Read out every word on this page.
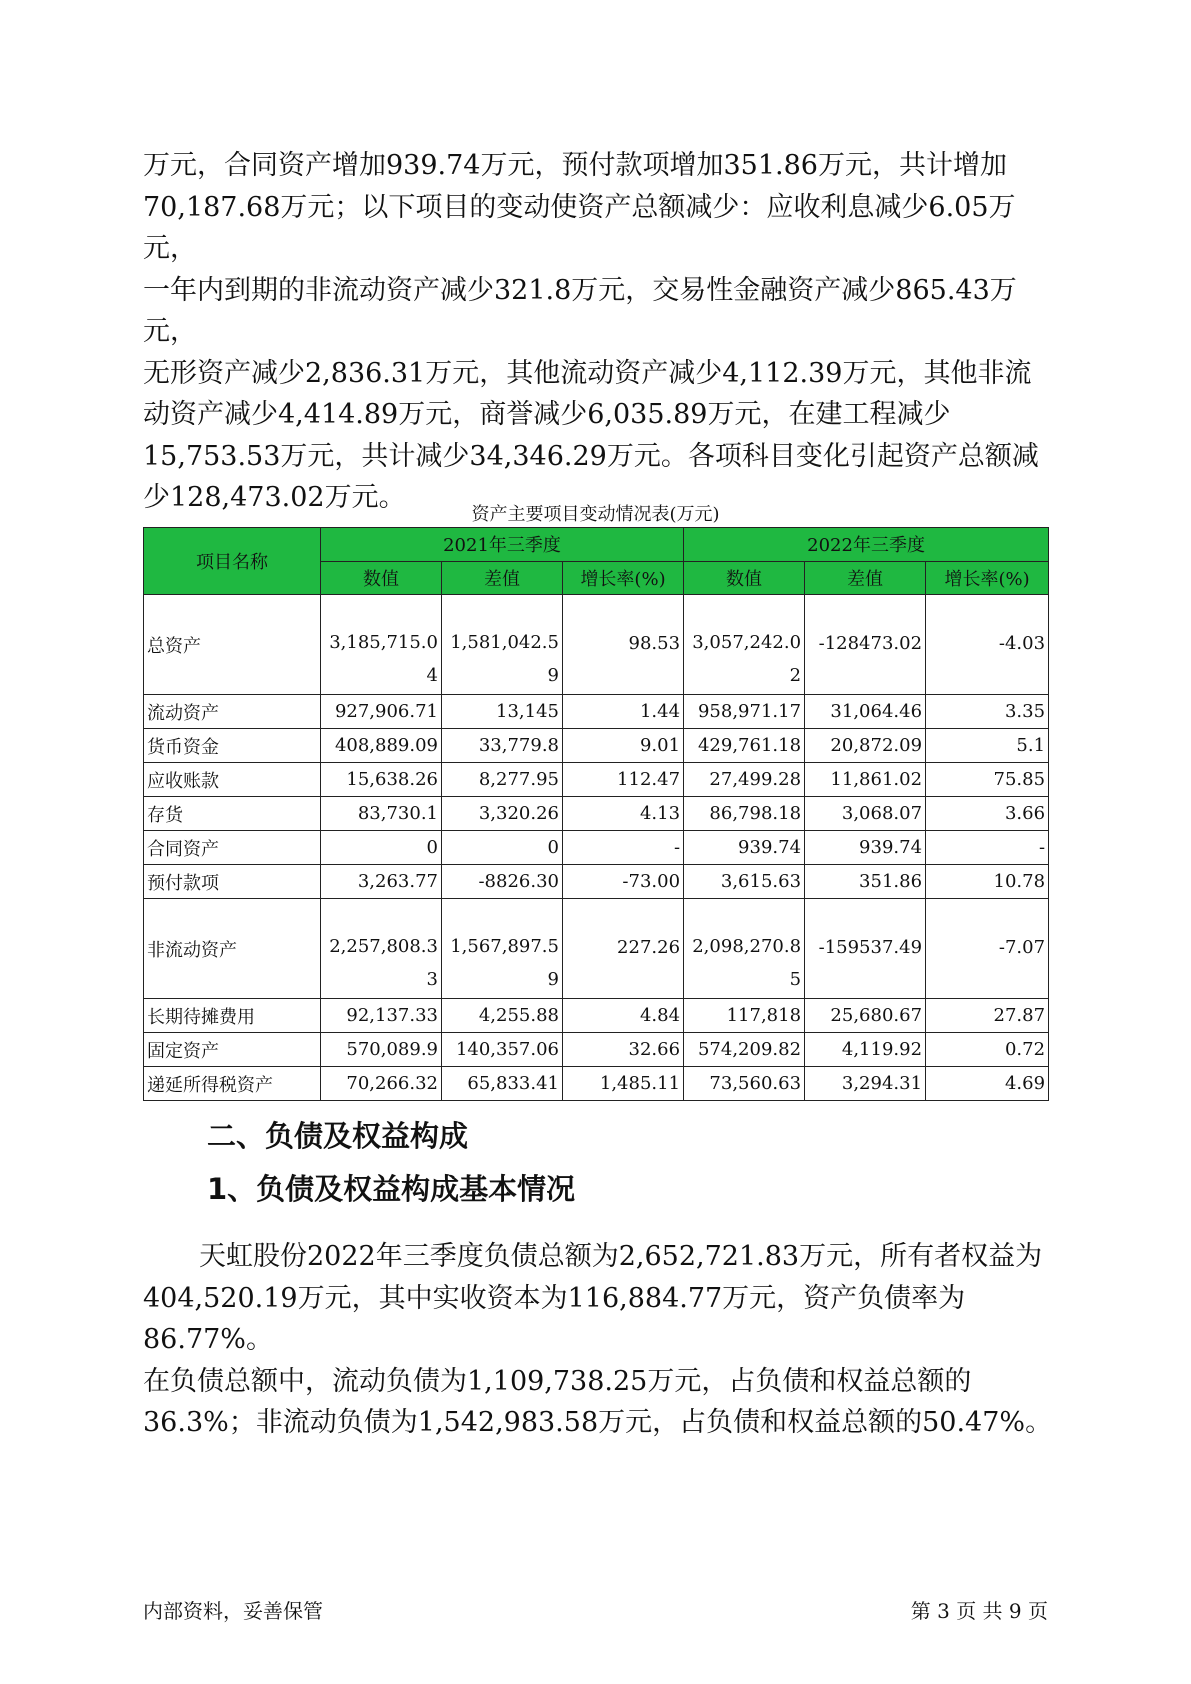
万元，合同资产增加939.74万元，预付款项增加351.86万元，共计增加

70,187.68万元；以下项目的变动使资产总额减少：应收利息减少6.05万元，

一年内到期的非流动资产减少321.8万元，交易性金融资产减少865.43万元，

无形资产减少2,836.31万元，其他流动资产减少4,112.39万元，其他非流

动资产减少4,414.89万元，商誉减少6,035.89万元，在建工程减少

15,753.53万元，共计减少34,346.29万元。各项科目变化引起资产总额减

少128,473.02万元。

资产主要项目变动情况表(万元)
项目名称	2021年三季度			2022年三季度		
	数值	差值	增长率(%)	数值	差值	增长率(%)
总资产	3,185,715.04	1,581,042.59	98.53	3,057,242.02	-128473.02	-4.03
流动资产	927,906.71	13,145	1.44	958,971.17	31,064.46	3.35
货币资金	408,889.09	33,779.8	9.01	429,761.18	20,872.09	5.1
应收账款	15,638.26	8,277.95	112.47	27,499.28	11,861.02	75.85
存货	83,730.1	3,320.26	4.13	86,798.18	3,068.07	3.66
合同资产	0	0	-	939.74	939.74	-
预付款项	3,263.77	-8826.30	-73.00	3,615.63	351.86	10.78
非流动资产	2,257,808.33	1,567,897.59	227.26	2,098,270.85	-159537.49	-7.07
长期待摊费用	92,137.33	4,255.88	4.84	117,818	25,680.67	27.87
固定资产	570,089.9	140,357.06	32.66	574,209.82	4,119.92	0.72
递延所得税资产	70,266.32	65,833.41	1,485.11	73,560.63	3,294.31	4.69
二、负债及权益构成
1、负债及权益构成基本情况

天虹股份2022年三季度负债总额为2,652,721.83万元，所有者权益为

404,520.19万元，其中实收资本为116,884.77万元，资产负债率为86.77%。

在负债总额中，流动负债为1,109,738.25万元，占负债和权益总额的

36.3%；非流动负债为1,542,983.58万元，占负债和权益总额的50.47%。

内部资料，妥善保管	第 3 页 共 9 页
